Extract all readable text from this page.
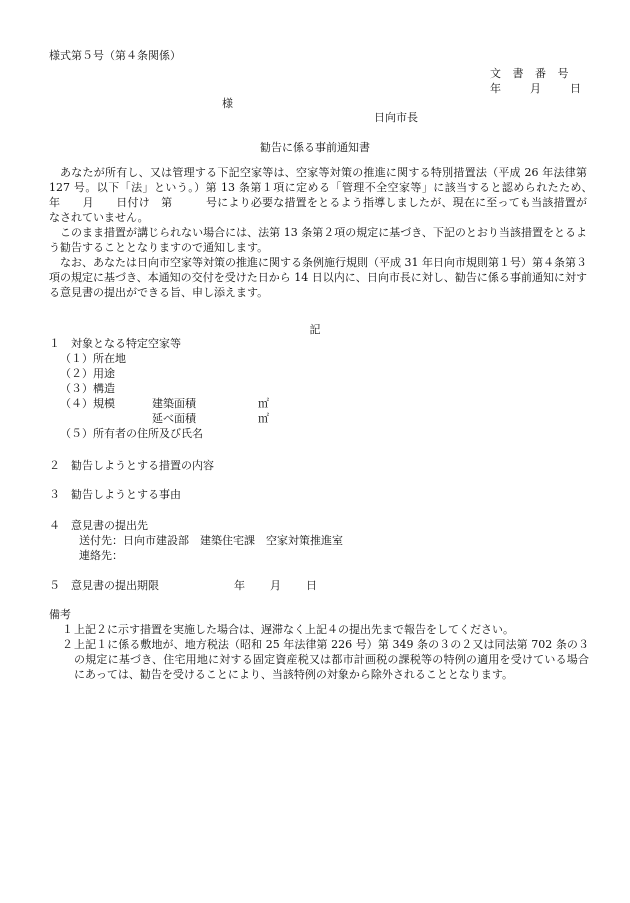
様式第５号（第４条関係）
文 書 番 号
年	月	日
様
日向市長
勧告に係る事前通知書

あなたが所有し、又は管理する下記空家等は、空家等対策の推進に関する特別措置法（平成 26 年法律第 127 号。以下「法」という。）第 13 条第１項に定める「管理不全空家等」に該当すると認められたため、　　年　　月　　日付け　第　　　号により必要な措置をとるよう指導しましたが、現在に至っても当該措置がなされていません。

このまま措置が講じられない場合には、法第 13 条第２項の規定に基づき、下記のとおり当該措置をとるよう勧告することとなりますので通知します。

なお、あなたは日向市空家等対策の推進に関する条例施行規則（平成 31 年日向市規則第１号）第４条第３項の規定に基づき、本通知の交付を受けた日から 14 日以内に、日向市長に対し、勧告に係る事前通知に対する意見書の提出ができる旨、申し添えます。

記
１　対象となる特定空家等
（１）所在地
（２）用途
（３）構造
（４）規模	建築面積	㎡
延べ面積	㎡
（５）所有者の住所及び氏名
２　勧告しようとする措置の内容
３　勧告しようとする事由
４　意見書の提出先
送付先：日向市建設部　建築住宅課　空家対策推進室
連絡先：
５　意見書の提出期限	年 月 日
備考
１ 上記２に示す措置を実施した場合は、遅滞なく上記４の提出先まで報告をしてください。
２ 上記１に係る敷地が、地方税法（昭和 25 年法律第 226 号）第 349 条の３の２又は同法第 702 条の３の規定に基づき、住宅用地に対する固定資産税又は都市計画税の課税等の特例の適用を受けている場合にあっては、勧告を受けることにより、当該特例の対象から除外されることとなります。
